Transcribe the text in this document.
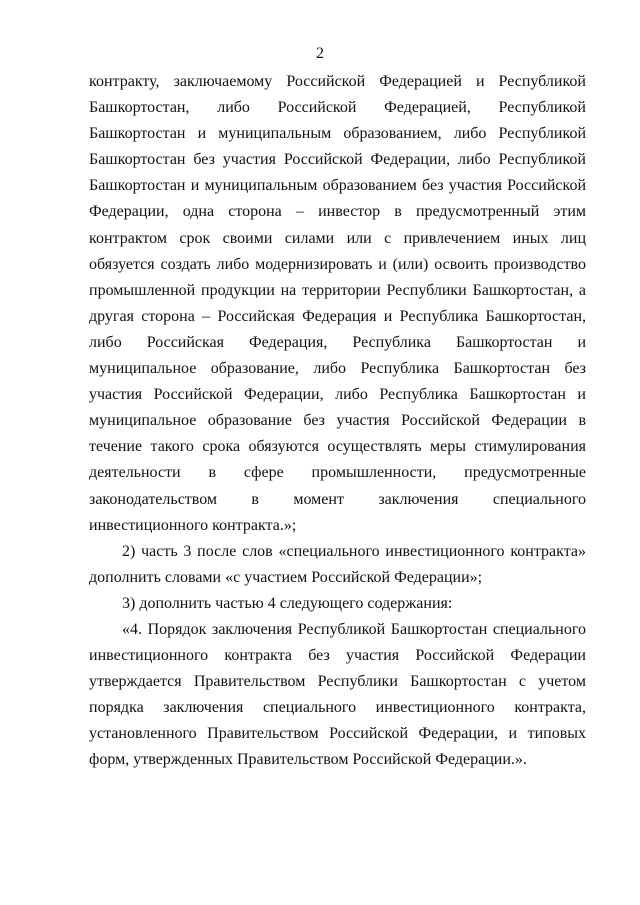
2

контракту, заключаемому Российской Федерацией и Республикой Башкортостан, либо Российской Федерацией, Республикой Башкортостан и муниципальным образованием, либо Республикой Башкортостан без участия Российской Федерации, либо Республикой Башкортостан и муниципальным образованием без участия Российской Федерации, одна сторона – инвестор в предусмотренный этим контрактом срок своими силами или с привлечением иных лиц обязуется создать либо модернизировать и (или) освоить производство промышленной продукции на территории Республики Башкортостан, а другая сторона – Российская Федерация и Республика Башкортостан, либо Российская Федерация, Республика Башкортостан и муниципальное образование, либо Республика Башкортостан без участия Российской Федерации, либо Республика Башкортостан и муниципальное образование без участия Российской Федерации в течение такого срока обязуются осуществлять меры стимулирования деятельности в сфере промышленности, предусмотренные законодательством в момент заключения специального инвестиционного контракта.»;

2) часть 3 после слов «специального инвестиционного контракта» дополнить словами «с участием Российской Федерации»;

3) дополнить частью 4 следующего содержания:

«4. Порядок заключения Республикой Башкортостан специального инвестиционного контракта без участия Российской Федерации утверждается Правительством Республики Башкортостан с учетом порядка заключения специального инвестиционного контракта, установленного Правительством Российской Федерации, и типовых форм, утвержденных Правительством Российской Федерации.».
